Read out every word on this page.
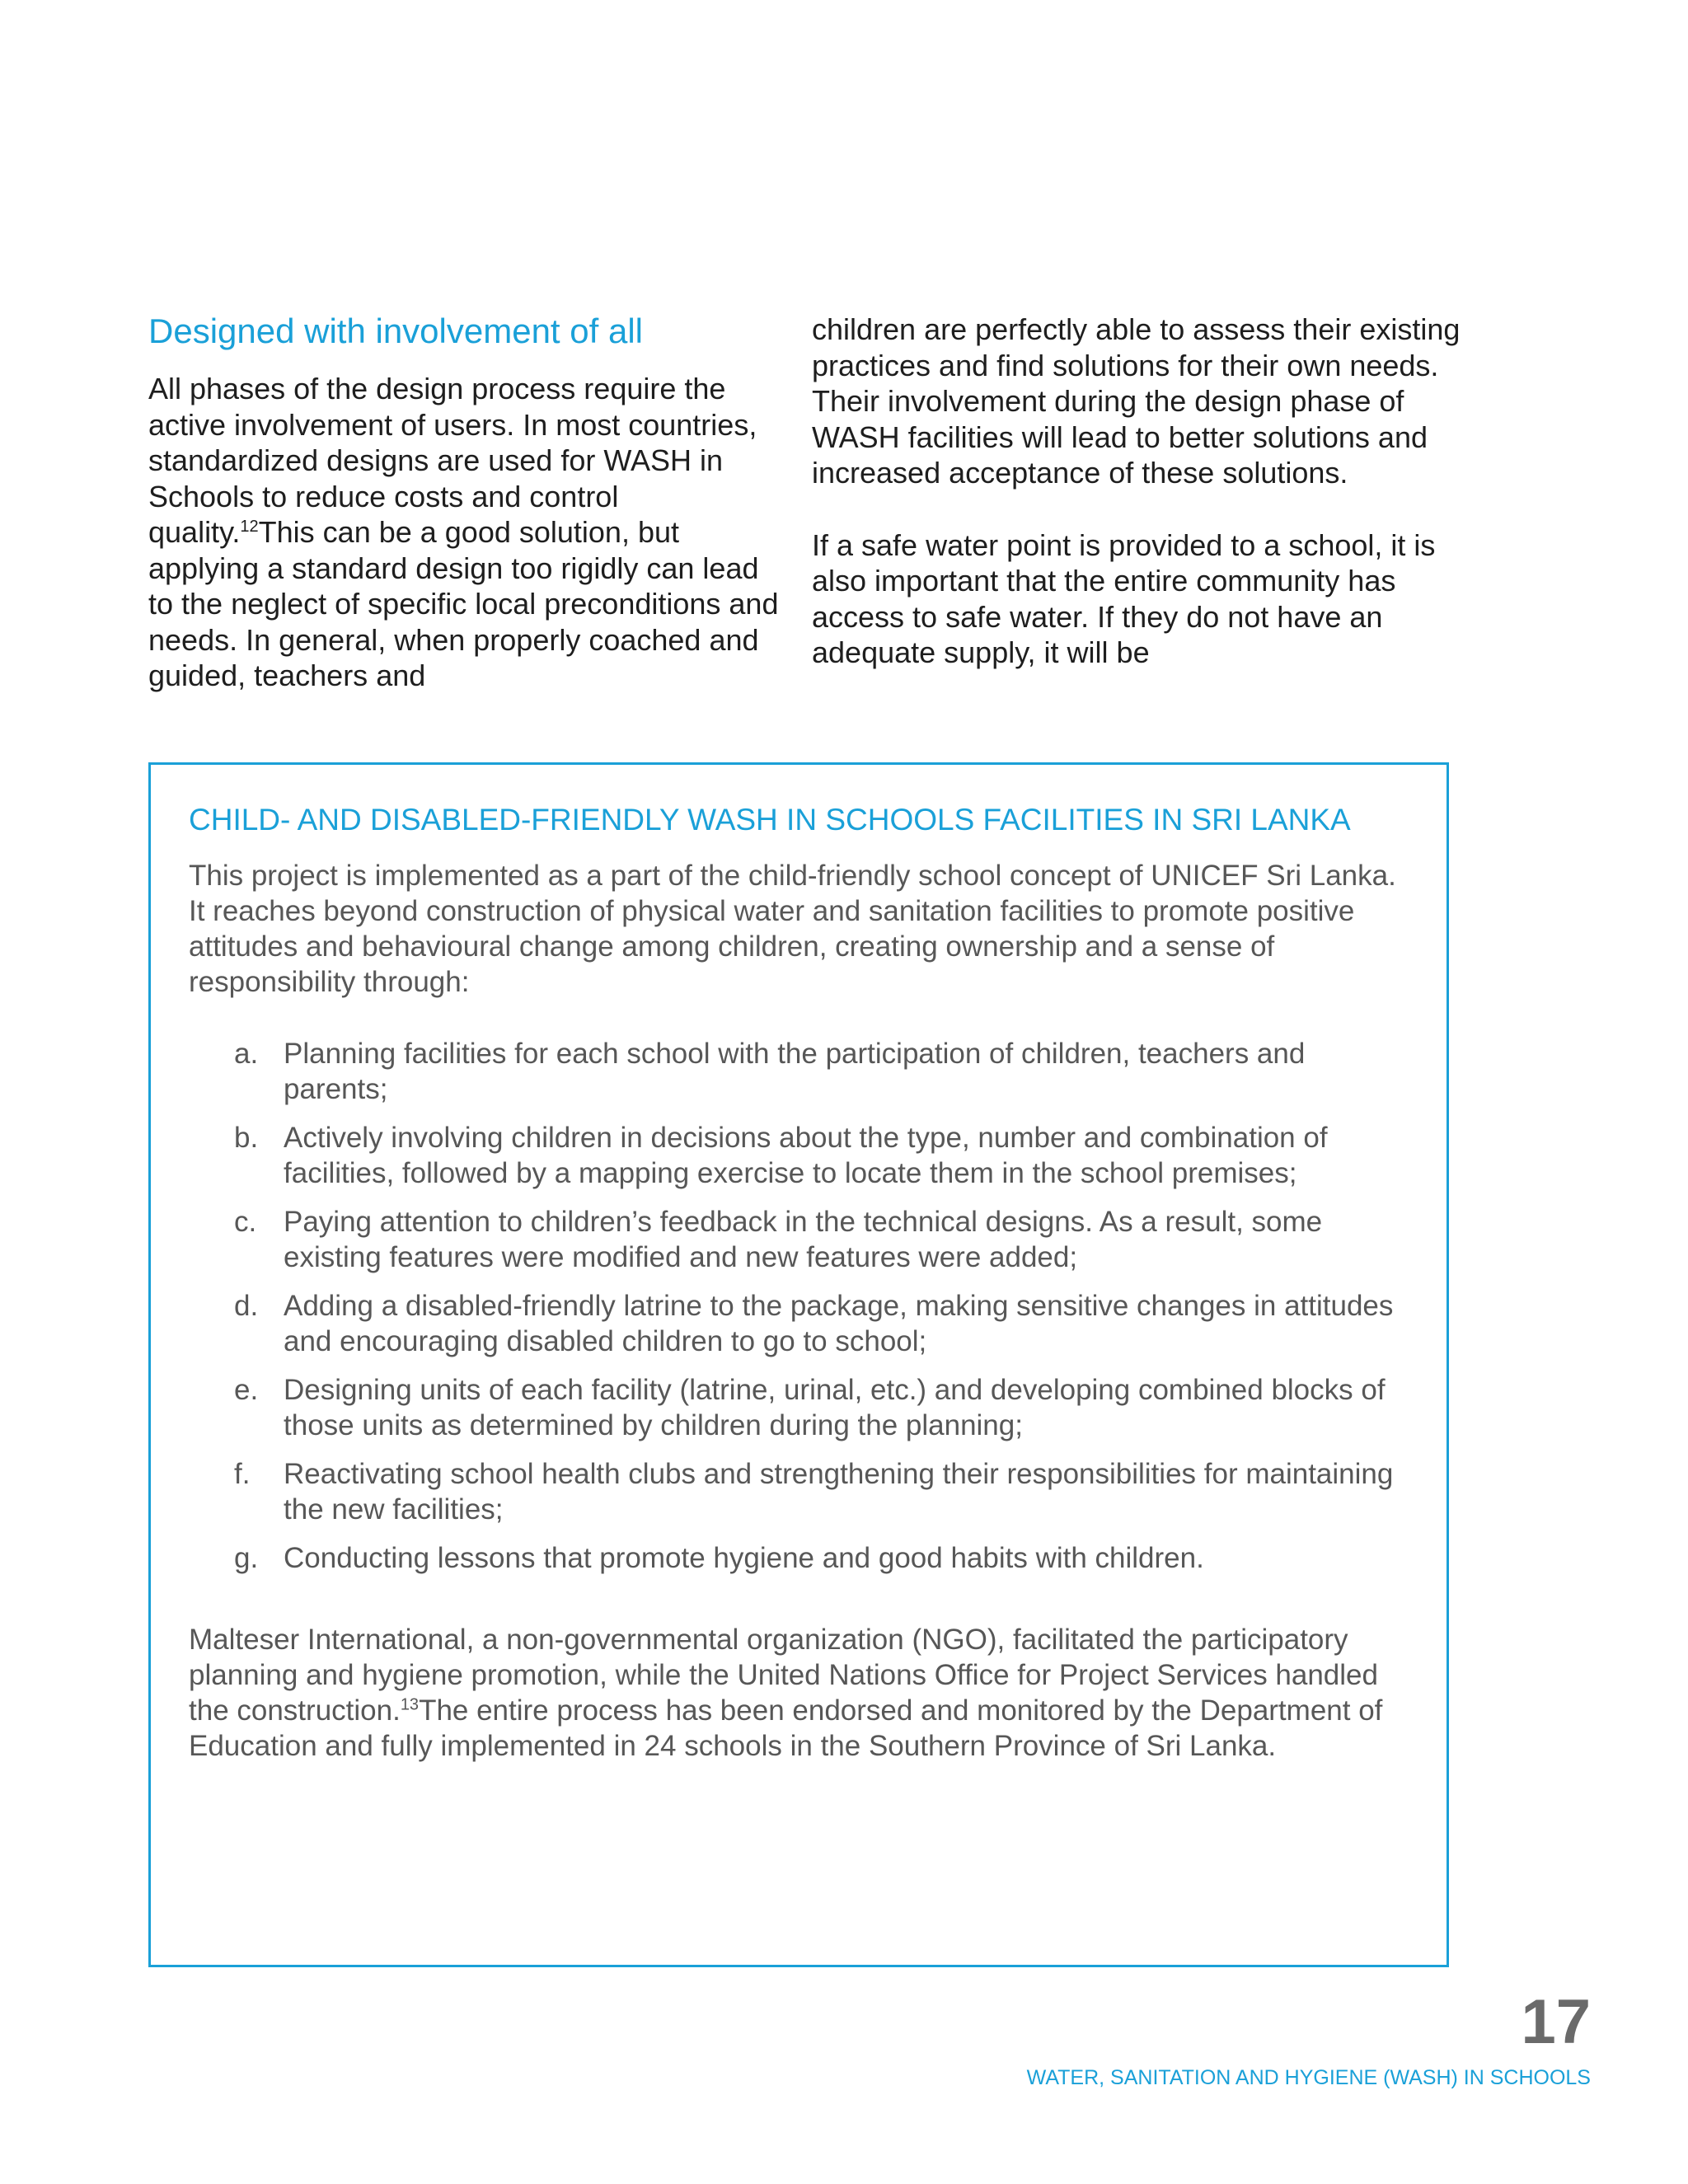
Designed with involvement of all

All phases of the design process require the active involvement of users. In most countries, standardized designs are used for WASH in Schools to reduce costs and control quality.$^{12}$This can be a good solution, but applying a standard design too rigidly can lead to the neglect of specific local preconditions and needs. In general, when properly coached and guided, teachers and

children are perfectly able to assess their existing practices and find solutions for their own needs. Their involvement during the design phase of WASH facilities will lead to better solutions and increased acceptance of these solutions.

If a safe water point is provided to a school, it is also important that the entire community has access to safe water. If they do not have an adequate supply, it will be

CHILD- AND DISABLED-FRIENDLY WASH IN SCHOOLS FACILITIES IN SRI LANKA

This project is implemented as a part of the child-friendly school concept of UNICEF Sri Lanka. It reaches beyond construction of physical water and sanitation facilities to promote positive attitudes and behavioural change among children, creating ownership and a sense of responsibility through:

a. Planning facilities for each school with the participation of children, teachers and parents;
b. Actively involving children in decisions about the type, number and combination of facilities, followed by a mapping exercise to locate them in the school premises;
c. Paying attention to children’s feedback in the technical designs. As a result, some existing features were modified and new features were added;
d. Adding a disabled-friendly latrine to the package, making sensitive changes in attitudes and encouraging disabled children to go to school;
e. Designing units of each facility (latrine, urinal, etc.) and developing combined blocks of those units as determined by children during the planning;
f. Reactivating school health clubs and strengthening their responsibilities for maintaining the new facilities;
g. Conducting lessons that promote hygiene and good habits with children.

Malteser International, a non-governmental organization (NGO), facilitated the participatory planning and hygiene promotion, while the United Nations Office for Project Services handled the construction.$^{13}$The entire process has been endorsed and monitored by the Department of Education and fully implemented in 24 schools in the Southern Province of Sri Lanka.

17
WATER, SANITATION AND HYGIENE (WASH) IN SCHOOLS
